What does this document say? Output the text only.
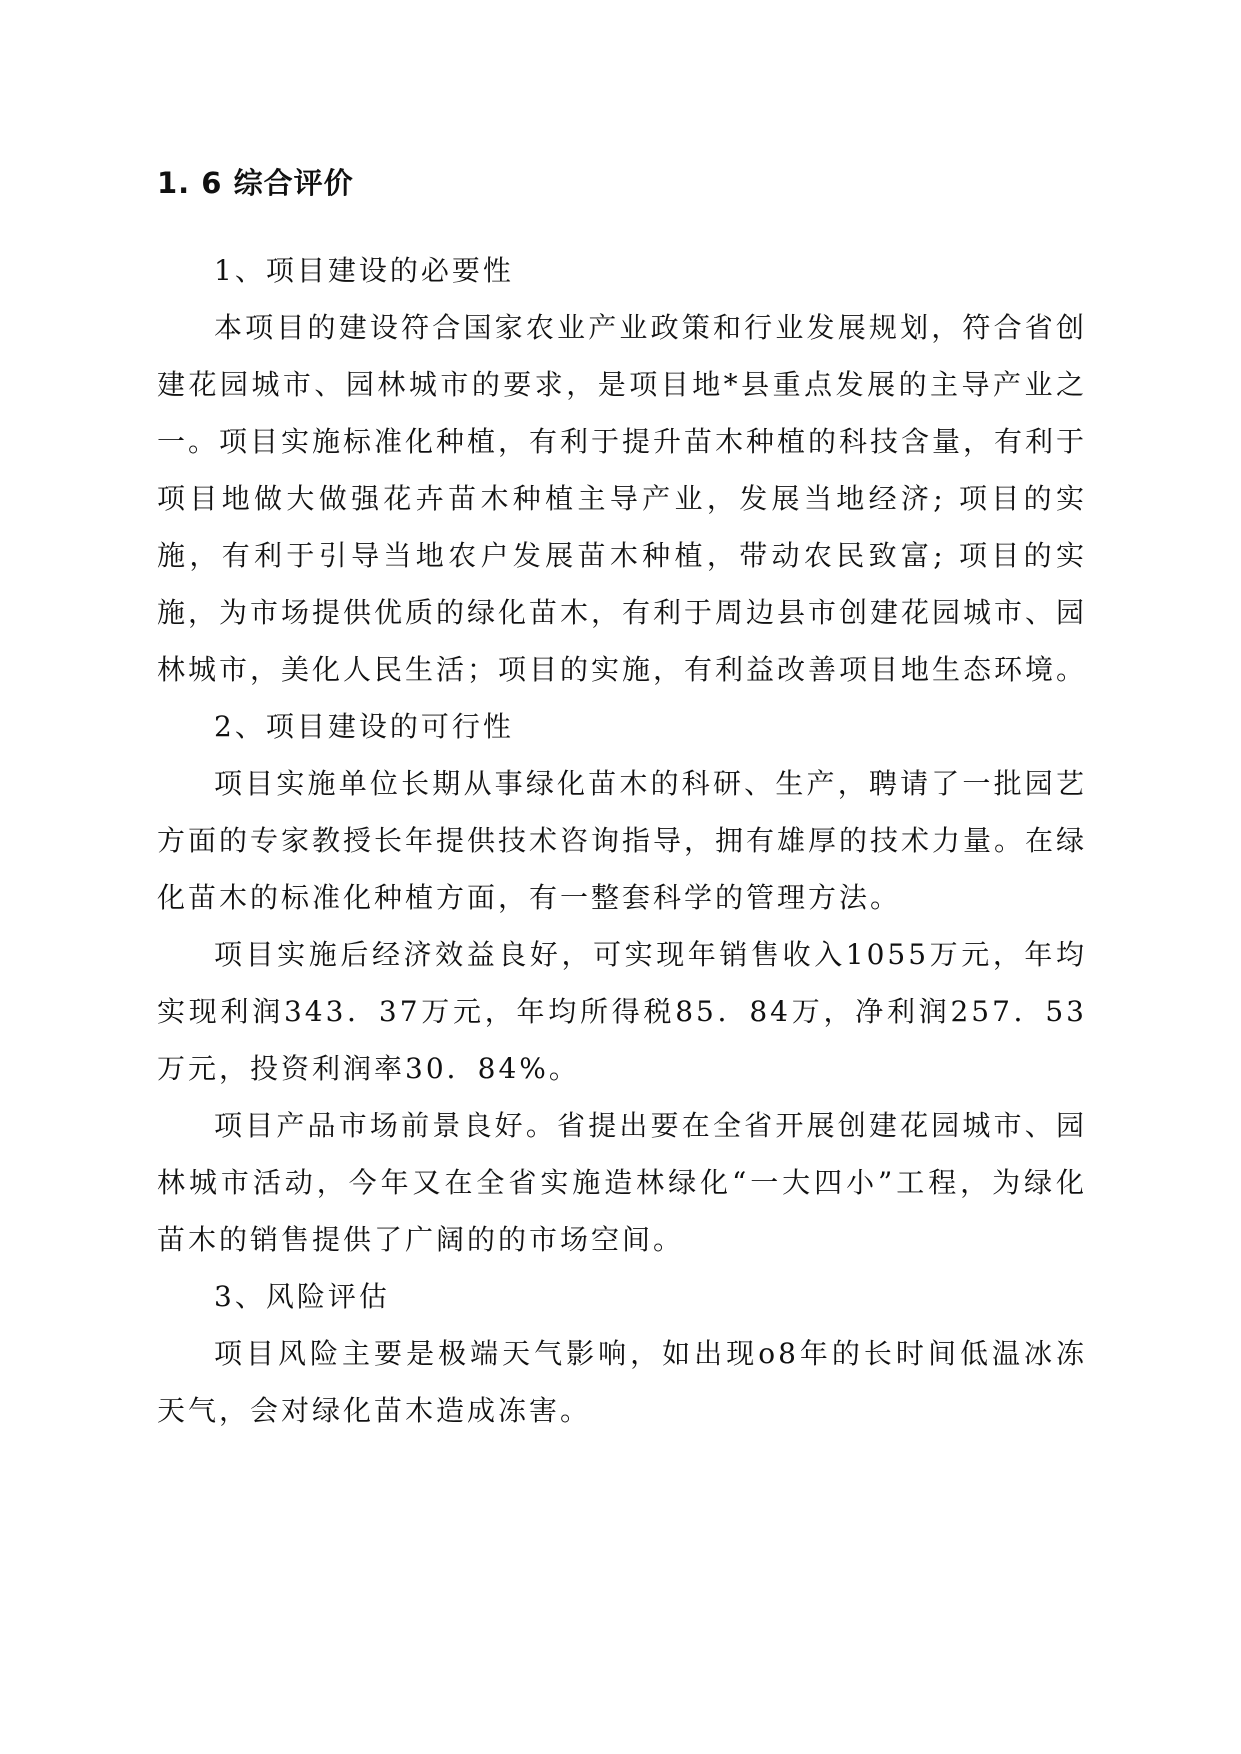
1. 6 综合评价

1、项目建设的必要性

本项目的建设符合国家农业产业政策和行业发展规划，符合省创建花园城市、园林城市的要求，是项目地*县重点发展的主导产业之一。项目实施标准化种植，有利于提升苗木种植的科技含量，有利于项目地做大做强花卉苗木种植主导产业，发展当地经济; 项目的实施，有利于引导当地农户发展苗木种植，带动农民致富; 项目的实施，为市场提供优质的绿化苗木，有利于周边县市创建花园城市、园林城市，美化人民生活；项目的实施，有利益改善项目地生态环境。

2、项目建设的可行性

项目实施单位长期从事绿化苗木的科研、生产，聘请了一批园艺方面的专家教授长年提供技术咨询指导，拥有雄厚的技术力量。在绿化苗木的标准化种植方面，有一整套科学的管理方法。

项目实施后经济效益良好，可实现年销售收入1055万元，年均实现利润343．37万元，年均所得税85．84万，净利润257．53万元，投资利润率30．84%。

项目产品市场前景良好。省提出要在全省开展创建花园城市、园林城市活动，今年又在全省实施造林绿化“一大四小”工程，为绿化苗木的销售提供了广阔的的市场空间。

3、风险评估

项目风险主要是极端天气影响，如出现o8年的长时间低温冰冻天气，会对绿化苗木造成冻害。
